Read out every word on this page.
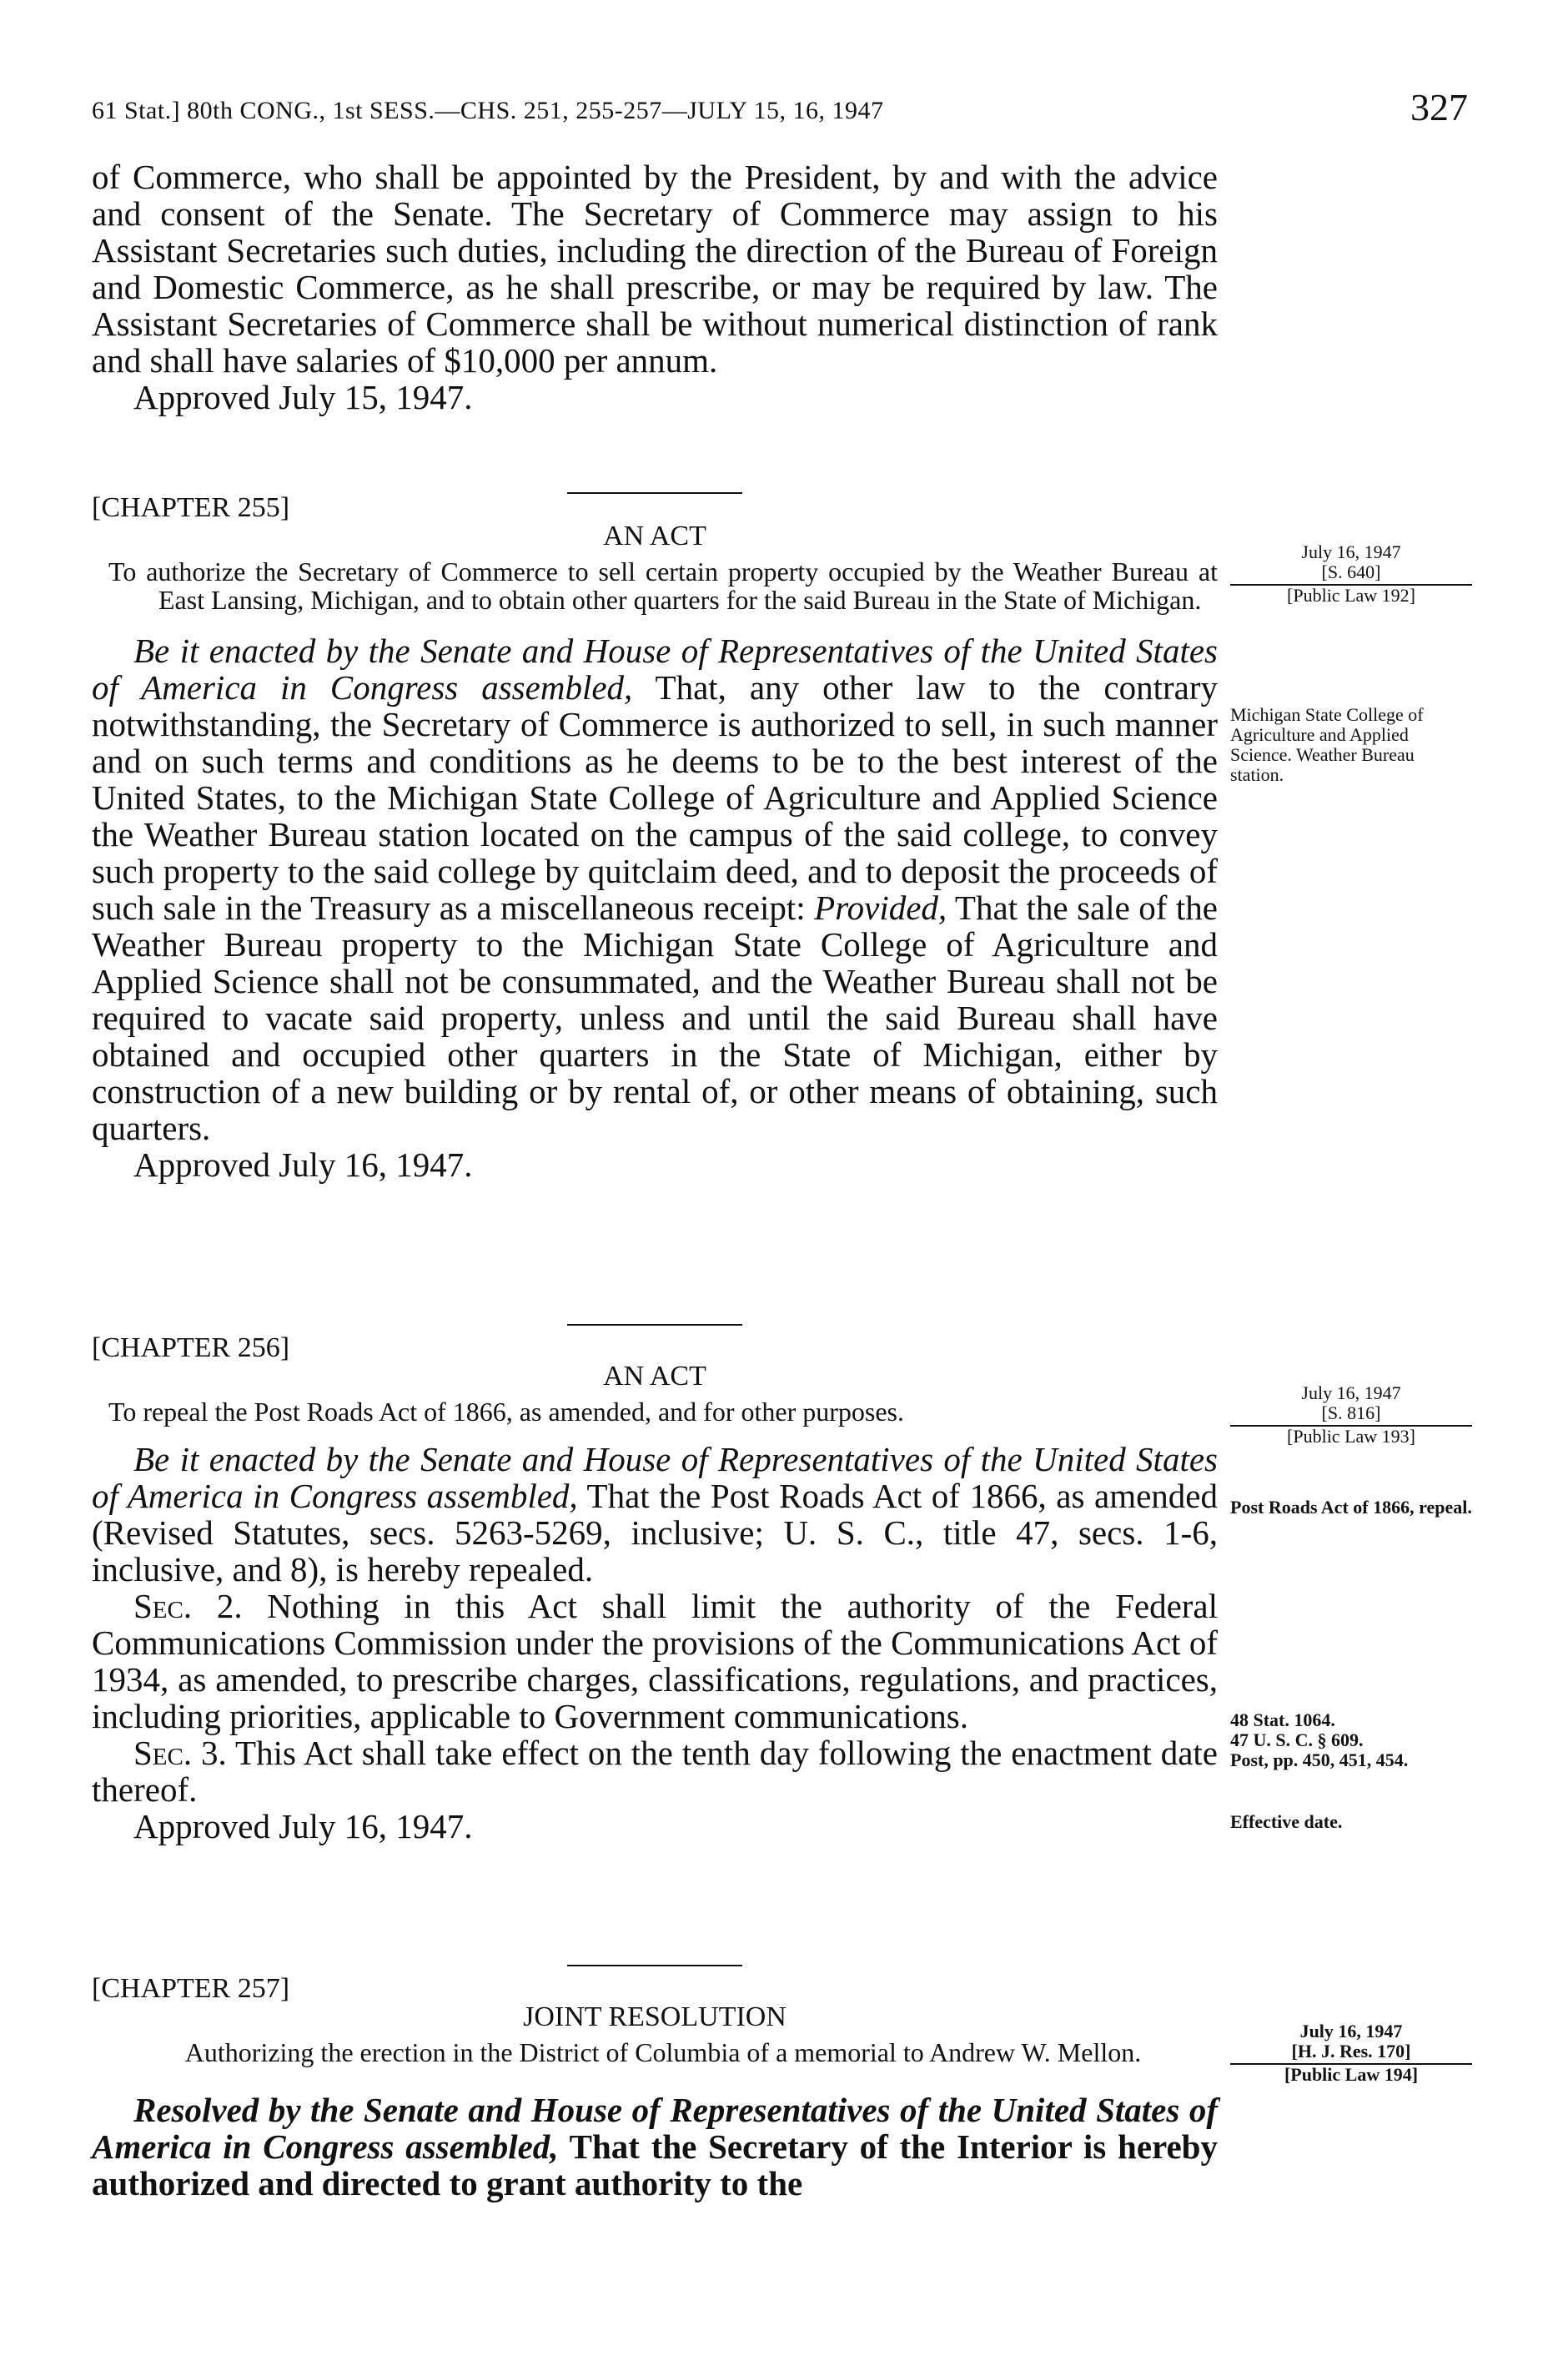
61 Stat.] 80th CONG., 1st SESS.—CHS. 251, 255-257—JULY 15, 16, 1947	327

of Commerce, who shall be appointed by the President, by and with the advice and consent of the Senate. The Secretary of Commerce may assign to his Assistant Secretaries such duties, including the direction of the Bureau of Foreign and Domestic Commerce, as he shall prescribe, or may be required by law. The Assistant Secretaries of Commerce shall be without numerical distinction of rank and shall have salaries of $10,000 per annum.

Approved July 15, 1947.

[CHAPTER 255]
AN ACT

To authorize the Secretary of Commerce to sell certain property occupied by the Weather Bureau at East Lansing, Michigan, and to obtain other quarters for the said Bureau in the State of Michigan.

Be it enacted by the Senate and House of Representatives of the United States of America in Congress assembled, That, any other law to the contrary notwithstanding, the Secretary of Commerce is authorized to sell, in such manner and on such terms and conditions as he deems to be to the best interest of the United States, to the Michigan State College of Agriculture and Applied Science the Weather Bureau station located on the campus of the said college, to convey such property to the said college by quitclaim deed, and to deposit the proceeds of such sale in the Treasury as a miscellaneous receipt: Provided, That the sale of the Weather Bureau property to the Michigan State College of Agriculture and Applied Science shall not be consummated, and the Weather Bureau shall not be required to vacate said property, unless and until the said Bureau shall have obtained and occupied other quarters in the State of Michigan, either by construction of a new building or by rental of, or other means of obtaining, such quarters.

Approved July 16, 1947.

July 16, 1947
[S. 640]
[Public Law 192]
Michigan State College of Agriculture and Applied Science. Weather Bureau station.
[CHAPTER 256]
AN ACT

To repeal the Post Roads Act of 1866, as amended, and for other purposes.

Be it enacted by the Senate and House of Representatives of the United States of America in Congress assembled, That the Post Roads Act of 1866, as amended (Revised Statutes, secs. 5263-5269, inclusive; U. S. C., title 47, secs. 1-6, inclusive, and 8), is hereby repealed.

Sec. 2. Nothing in this Act shall limit the authority of the Federal Communications Commission under the provisions of the Communications Act of 1934, as amended, to prescribe charges, classifications, regulations, and practices, including priorities, applicable to Government communications.

Sec. 3. This Act shall take effect on the tenth day following the enactment date thereof.

Approved July 16, 1947.

July 16, 1947
[S. 816]
[Public Law 193]
Post Roads Act of 1866, repeal.
48 Stat. 1064.
47 U. S. C. § 609.
Post, pp. 450, 451, 454.
Effective date.
[CHAPTER 257]
JOINT RESOLUTION

Authorizing the erection in the District of Columbia of a memorial to Andrew W. Mellon.

Resolved by the Senate and House of Representatives of the United States of America in Congress assembled, That the Secretary of the Interior is hereby authorized and directed to grant authority to the

July 16, 1947
[H. J. Res. 170]
[Public Law 194]
